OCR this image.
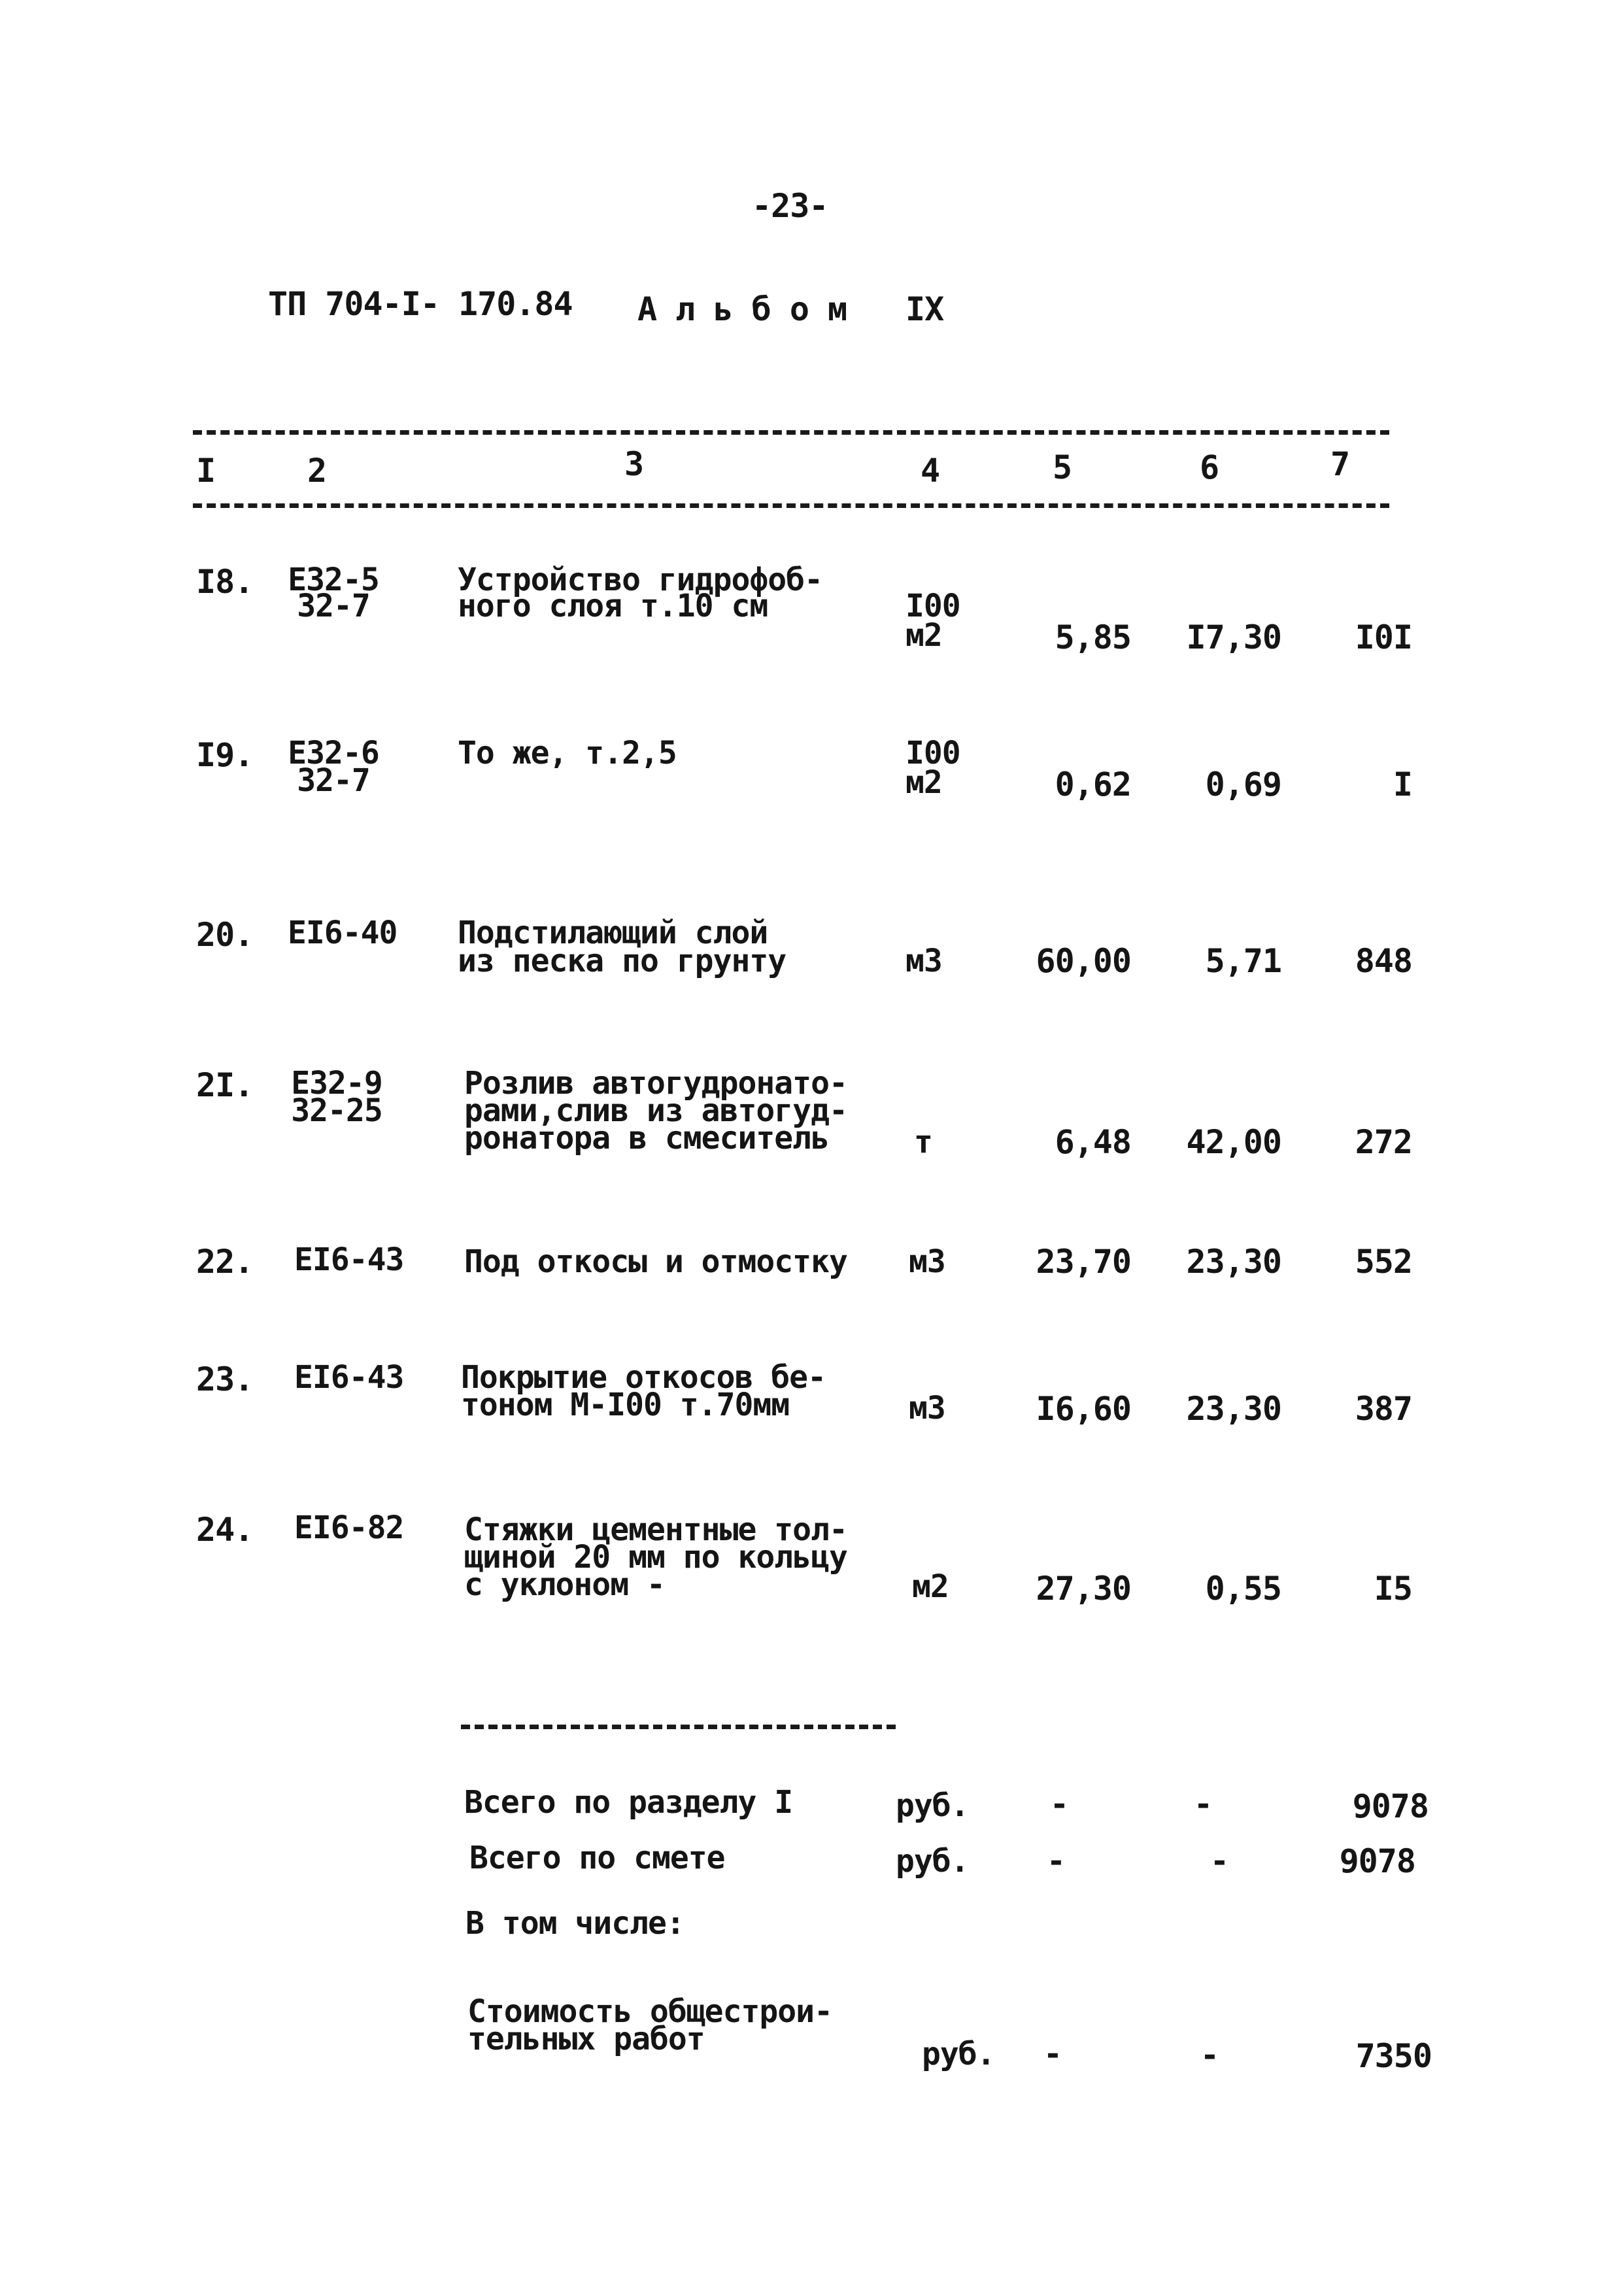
-23-
ТП 704-I- 170.84 А л ь б о м IX
I	2	3	4	5	6	7
I8. Е32-5
32-7
Устройство гидрофоб-
ного слоя т.10 см	I00
м2	5,85	I7,30	I0I
I9. Е32-6
32-7
То же, т.2,5	I00
м2	0,62	0,69	I
20. ЕI6-40 Подстилающий слой
из песка по грунту	м3	60,00	5,71	848
2I.	Е32-9
32-25
Розлив автогудронато-
рами,слив из автогуд-
ронатора в смеситель	т	6,48	42,00	272
22. ЕI6-43 Под откосы и отмостку м3	23,70	23,30	552
23. ЕI6-43 Покрытие откосов бе-
тоном М-I00 т.70мм	м3	I6,60	23,30	387
24. ЕI6-82 Стяжки цементные тол-
щиной 20 мм по кольцу
с уклоном -	м2	27,30	0,55	I5
Всего по разделу I	руб.	-	-	9078
Всего по смете	руб.	-	-	9078
В том числе:
Стоимость общестрои-
тельных работ	руб.	-	-	7350
